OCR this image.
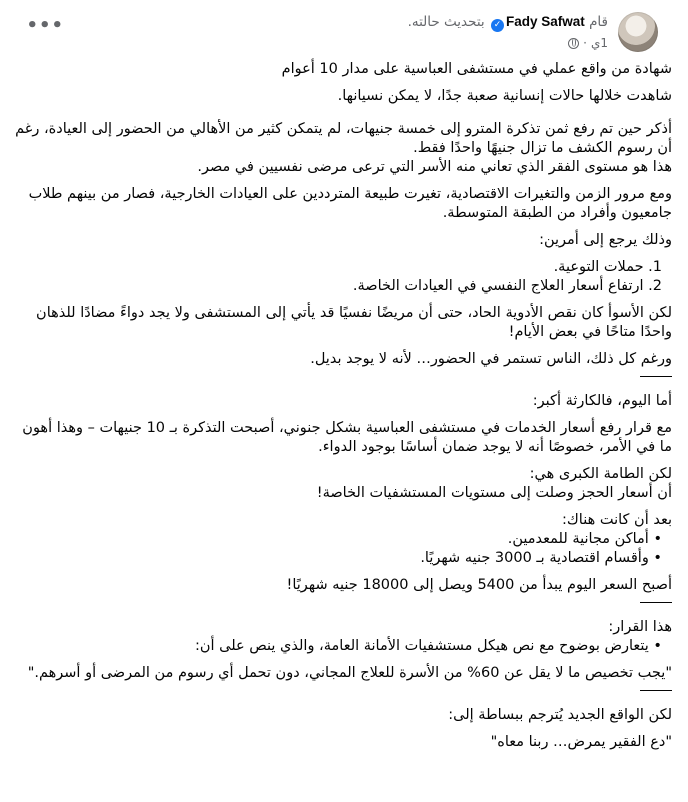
قام Fady Safwat✓ بتحديث حالته.
1ي
·
•••

شهادة من واقع عملي في مستشفى العباسية على مدار 10 أعوام

شاهدت خلالها حالات إنسانية صعبة جدًا، لا يمكن نسيانها.

أذكر حين تم رفع ثمن تذكرة المترو إلى خمسة جنيهات، لم يتمكن كثير من الأهالي من الحضور إلى العيادة، رغم أن رسوم الكشف ما تزال جنيهًا واحدًا فقط.

هذا هو مستوى الفقر الذي تعاني منه الأسر التي ترعى مرضى نفسيين في مصر.

ومع مرور الزمن والتغيرات الاقتصادية، تغيرت طبيعة المترددين على العيادات الخارجية، فصار من بينهم طلاب جامعيون وأفراد من الطبقة المتوسطة.

وذلك يرجع إلى أمرين:

1. حملات التوعية.

2. ارتفاع أسعار العلاج النفسي في العيادات الخاصة.

لكن الأسوأ كان نقص الأدوية الحاد، حتى أن مريضًا نفسيًا قد يأتي إلى المستشفى ولا يجد دواءً مضادًا للذهان واحدًا متاحًا في بعض الأيام!

ورغم كل ذلك، الناس تستمر في الحضور… لأنه لا يوجد بديل.

أما اليوم، فالكارثة أكبر:

مع قرار رفع أسعار الخدمات في مستشفى العباسية بشكل جنوني، أصبحت التذكرة بـ 10 جنيهات – وهذا أهون ما في الأمر، خصوصًا أنه لا يوجد ضمان أساسًا بوجود الدواء.

لكن الطامة الكبرى هي:

أن أسعار الحجز وصلت إلى مستويات المستشفيات الخاصة!

بعد أن كانت هناك:

• أماكن مجانية للمعدمين.

• وأقسام اقتصادية بـ 3000 جنيه شهريًا.

أصبح السعر اليوم يبدأ من 5400 ويصل إلى 18000 جنيه شهريًا!

هذا القرار:

• يتعارض بوضوح مع نص هيكل مستشفيات الأمانة العامة، والذي ينص على أن:

"يجب تخصيص ما لا يقل عن 60% من الأسرة للعلاج المجاني، دون تحمل أي رسوم من المرضى أو أسرهم."

لكن الواقع الجديد يُترجم ببساطة إلى:

"دع الفقير يمرض… ربنا معاه"
